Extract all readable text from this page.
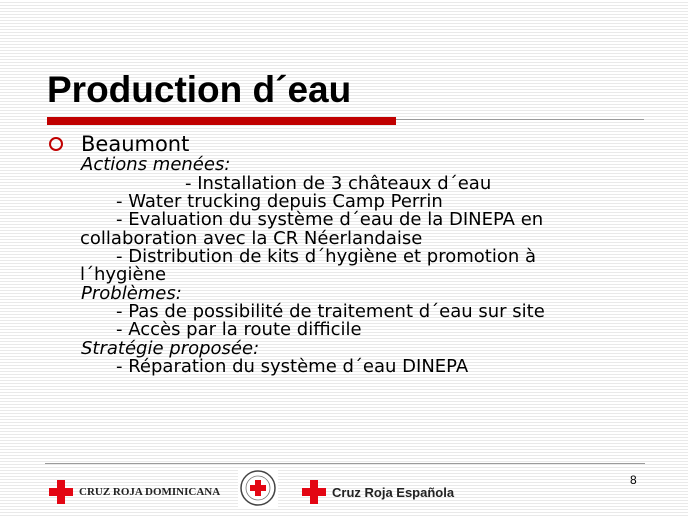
Production d´eau
Beaumont
Actions menées:
- Installation de 3 châteaux d´eau
- Water trucking depuis Camp Perrin
- Evaluation du système d´eau de la DINEPA en
collaboration avec la CR Néerlandaise
- Distribution de kits d´hygiène et promotion à
l´hygiène
Problèmes:
- Pas de possibilité de traitement d´eau sur site
- Accès par la route difficile
Stratégie proposée:
- Réparation du système d´eau DINEPA
8
CRUZ ROJA DOMINICANA	Cruz Roja Española
